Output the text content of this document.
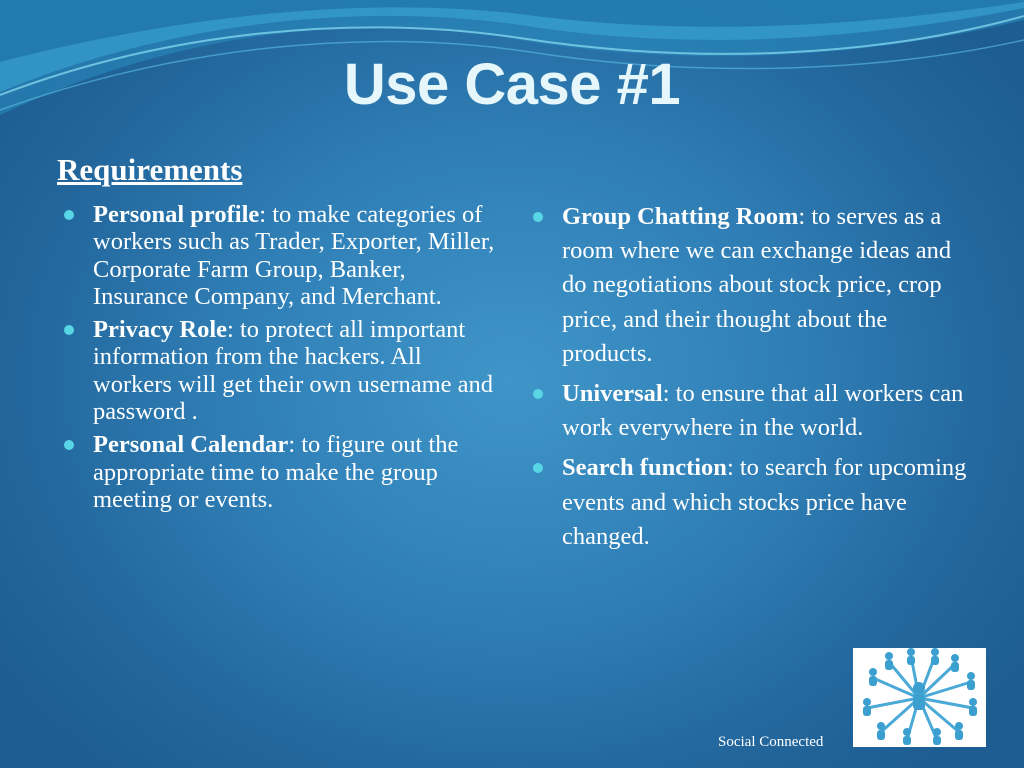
Use Case #1
Requirements
Personal profile: to make categories of workers such as Trader, Exporter, Miller, Corporate Farm Group, Banker, Insurance Company, and Merchant.
Privacy Role: to protect all important information from the hackers. All workers will get their own username and password .
Personal Calendar: to figure out the appropriate time to make the group meeting or events.
Group Chatting Room: to serves as a room where we can exchange ideas and do negotiations about stock price, crop price, and their thought about the products.
Universal: to ensure that all workers can work everywhere in the world.
Search function: to search for upcoming events and which stocks price have changed.
Social Connected
